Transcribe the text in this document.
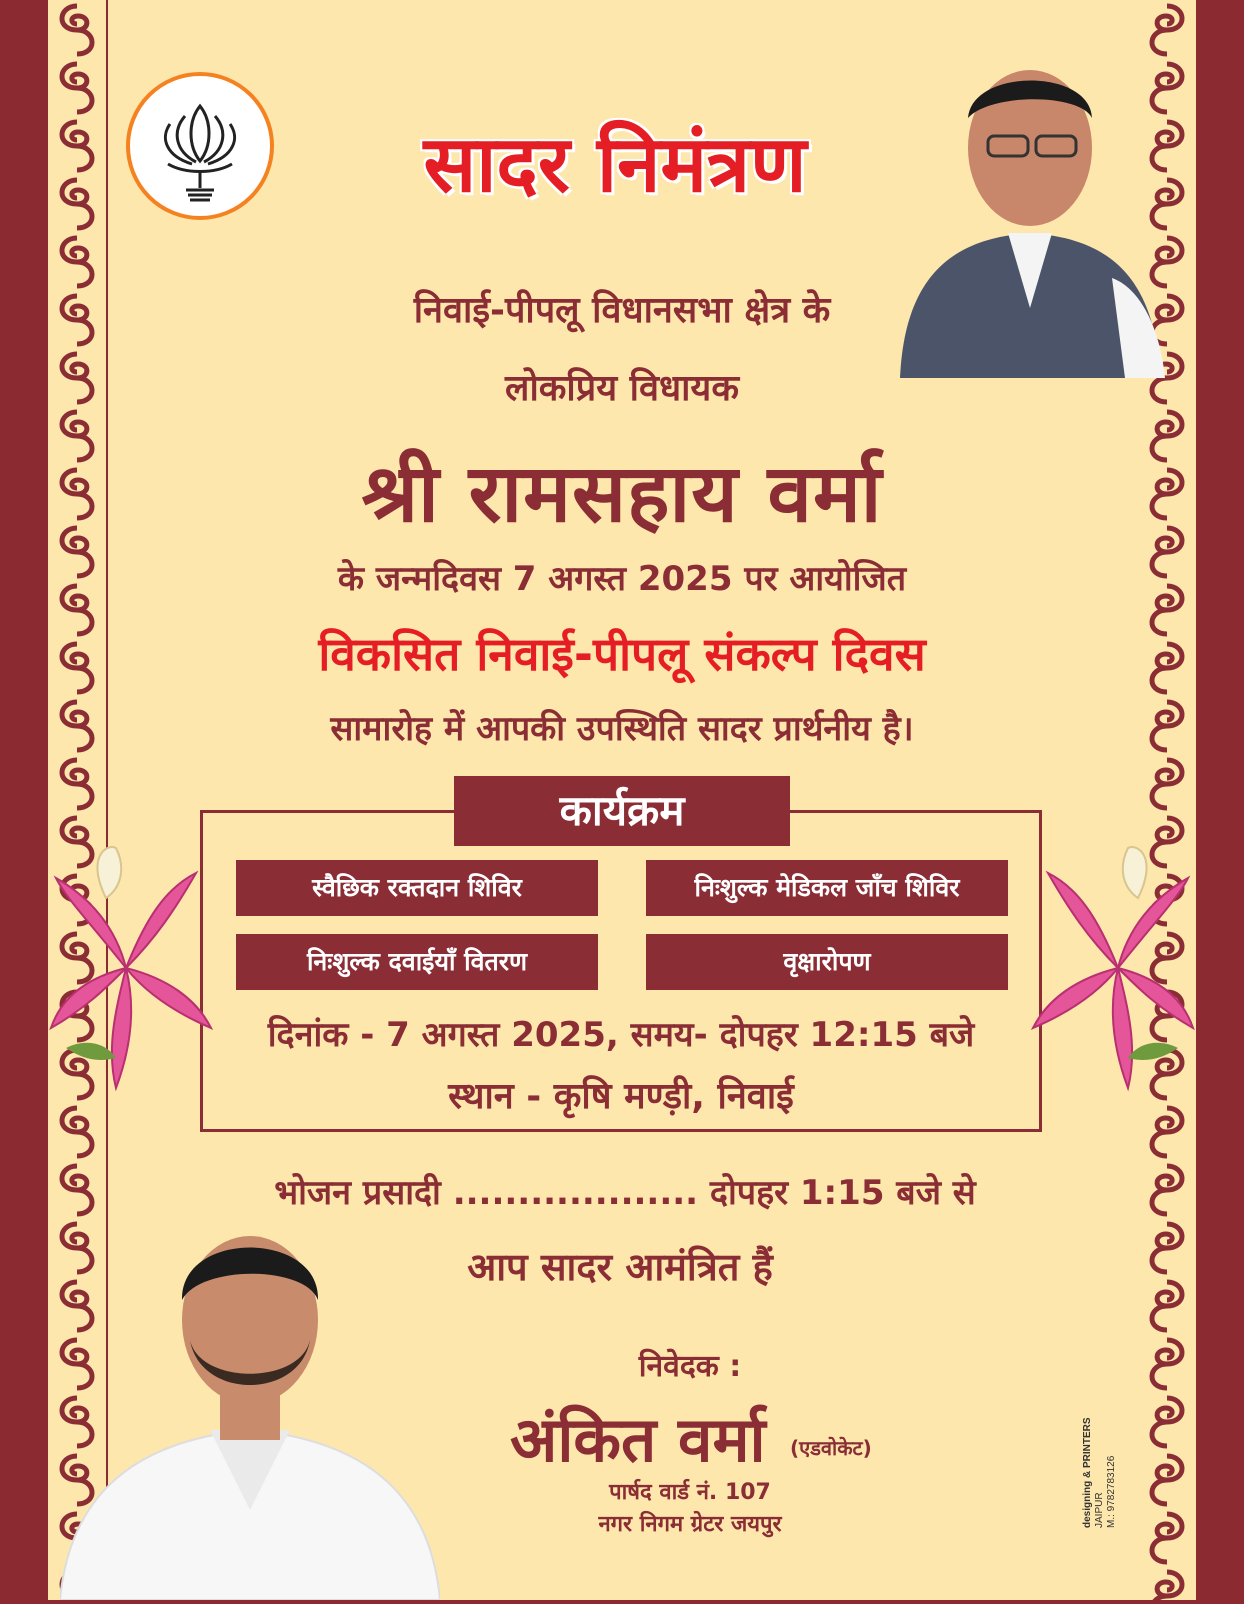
सादर निमंत्रण
निवाई-पीपलू विधानसभा क्षेत्र के
लोकप्रिय विधायक
श्री रामसहाय वर्मा
के जन्मदिवस 7 अगस्त 2025 पर आयोजित
विकसित निवाई-पीपलू संकल्प दिवस
सामारोह में आपकी उपस्थिति सादर प्रार्थनीय है।
कार्यक्रम
स्वैछिक रक्तदान शिविर	निःशुल्क मेडिकल जाँच शिविर
निःशुल्क दवाईयाँ वितरण	वृक्षारोपण
दिनांक - 7 अगस्त 2025, समय- दोपहर 12:15 बजे
स्थान - कृषि मण्ड़ी, निवाई
भोजन प्रसादी ................... दोपहर 1:15 बजे से
आप सादर आमंत्रित हैं
निवेदक :
अंकित वर्मा (एडवोकेट)
पार्षद वार्ड नं. 107
नगर निगम ग्रेटर जयपुर	designing & PRINTERS JAIPUR M.: 9782783126
